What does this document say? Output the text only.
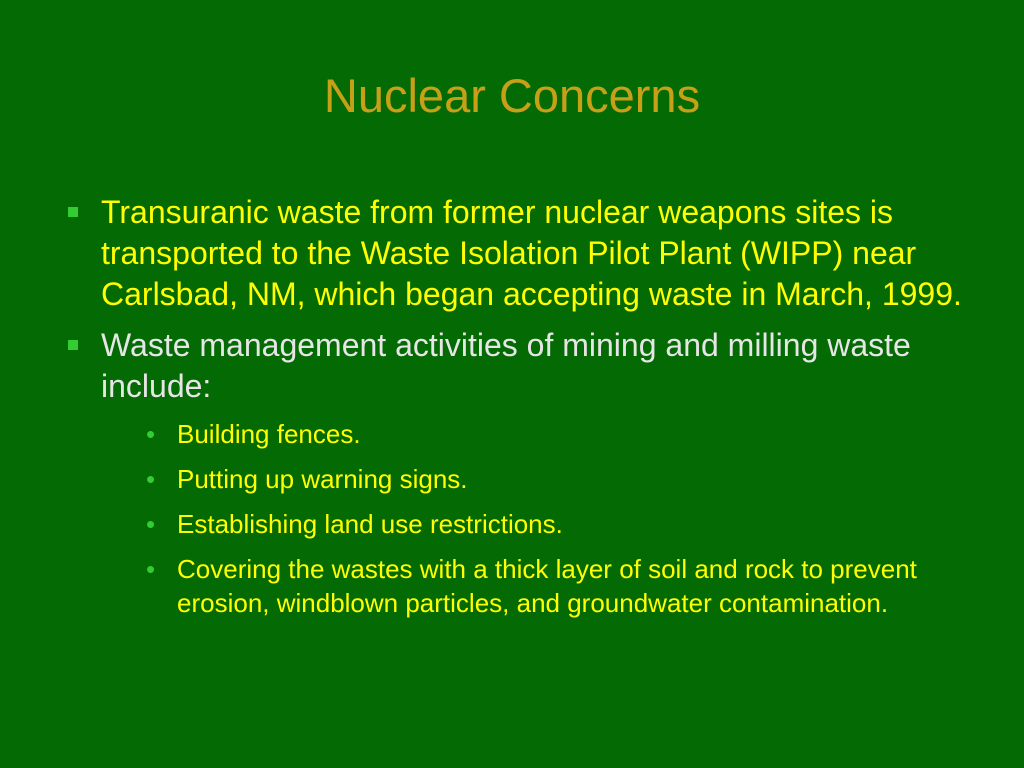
Nuclear Concerns
Transuranic waste from former nuclear weapons sites is transported to the Waste Isolation Pilot Plant (WIPP) near Carlsbad, NM, which began accepting waste in March, 1999.
Waste management activities of mining and milling waste include:
• Building fences.
• Putting up warning signs.
• Establishing land use restrictions.
• Covering the wastes with a thick layer of soil and rock to prevent erosion, windblown particles, and groundwater contamination.
